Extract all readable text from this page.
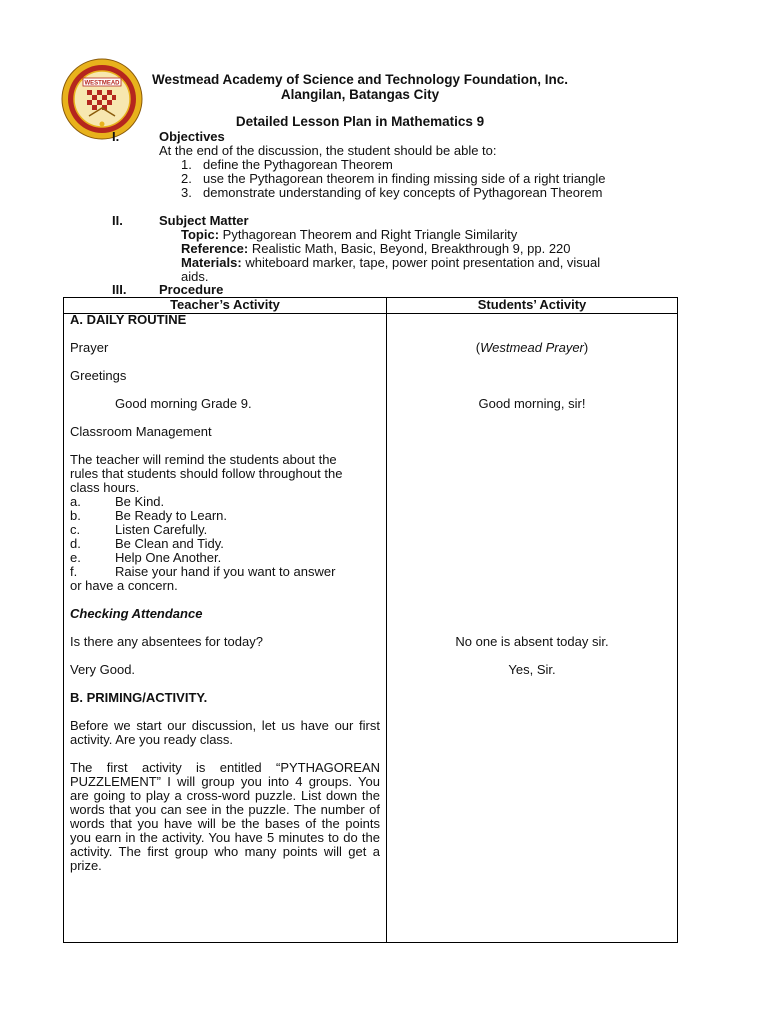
WESTMEAD Westmead Academy of Science and Technology Foundation, Inc.
Alangilan, Batangas City
Detailed Lesson Plan in Mathematics 9
I.	Objectives
At the end of the discussion, the student should be able to:
1. define the Pythagorean Theorem
2. use the Pythagorean theorem in finding missing side of a right triangle
3. demonstrate understanding of key concepts of Pythagorean Theorem
II.	Subject Matter
Topic: Pythagorean Theorem and Right Triangle Similarity
Reference: Realistic Math, Basic, Beyond, Breakthrough 9, pp. 220
Materials: whiteboard marker, tape, power point presentation and, visual
aids.
III.	Procedure
Teacher’s Activity	Students’ Activity
A. DAILY ROUTINE
Prayer	(Westmead Prayer)
Greetings
Good morning Grade 9.	Good morning, sir!
Classroom Management
The teacher will remind the students about the rules that students should follow throughout the class hours.
a.	Be Kind.
b.	Be Ready to Learn.
c.	Listen Carefully.
d.	Be Clean and Tidy.
e.	Help One Another.
f.	Raise your hand if you want to answer
or have a concern.
Checking Attendance
Is there any absentees for today?	No one is absent today sir.
Very Good.	Yes, Sir.
B. PRIMING/ACTIVITY.
Before we start our discussion, let us have our first activity. Are you ready class.
The first activity is entitled “PYTHAGOREAN PUZZLEMENT” I will group you into 4 groups. You are going to play a cross-word puzzle. List down the words that you can see in the puzzle. The number of words that you have will be the bases of the points you earn in the activity. You have 5 minutes to do the activity. The first group who many points will get a prize.
